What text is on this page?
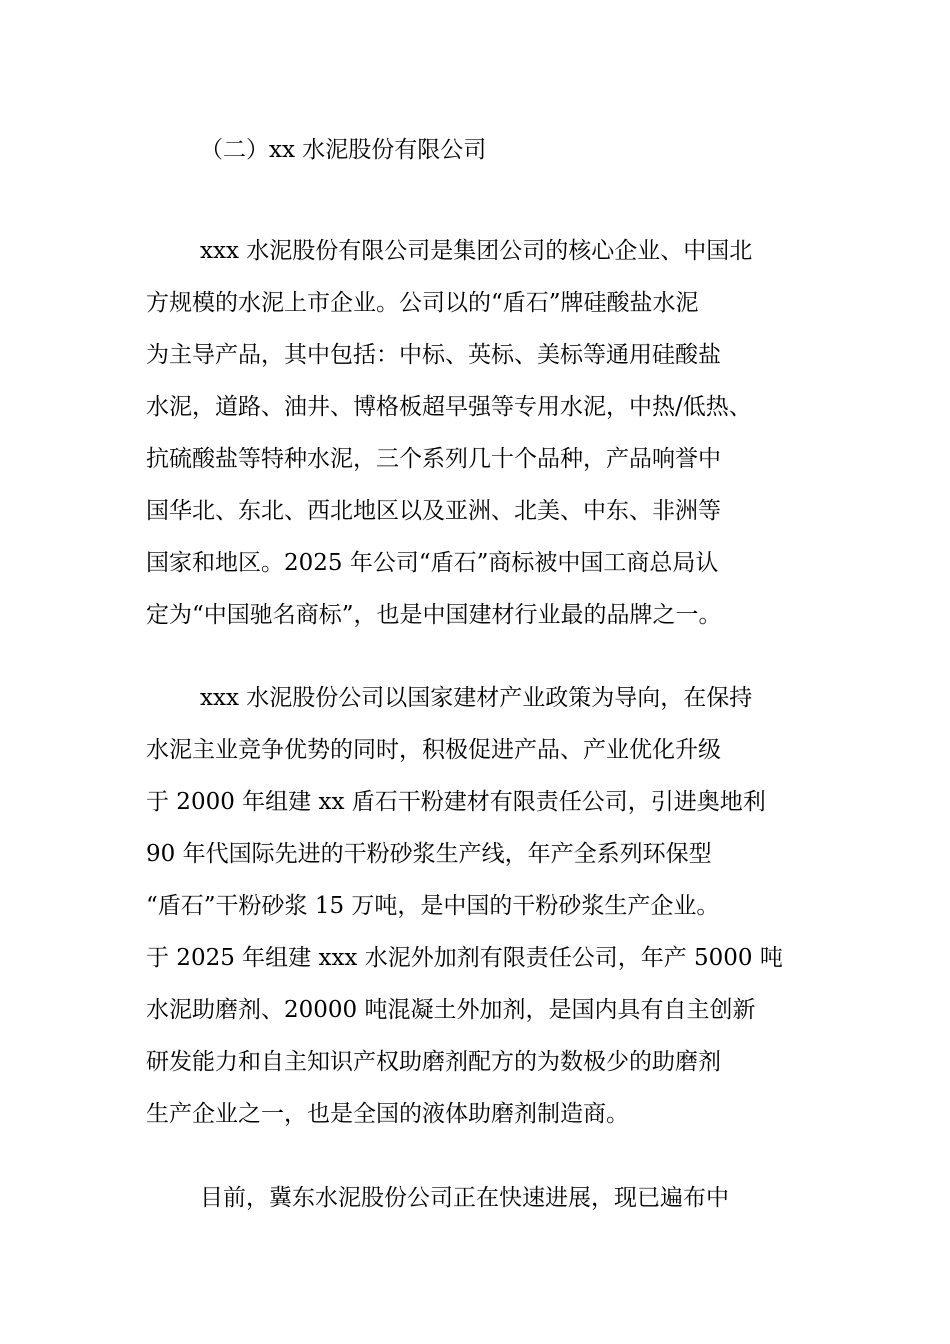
（二）xx 水泥股份有限公司
xxx 水泥股份有限公司是集团公司的核心企业、中国北
方规模的水泥上市企业。公司以的“盾石”牌硅酸盐水泥
为主导产品，其中包括：中标、英标、美标等通用硅酸盐
水泥，道路、油井、博格板超早强等专用水泥，中热/低热、
抗硫酸盐等特种水泥，三个系列几十个品种，产品响誉中
国华北、东北、西北地区以及亚洲、北美、中东、非洲等
国家和地区。2025 年公司“盾石”商标被中国工商总局认
定为“中国驰名商标”，也是中国建材行业最的品牌之一。
xxx 水泥股份公司以国家建材产业政策为导向，在保持
水泥主业竞争优势的同时，积极促进产品、产业优化升级
于 2000 年组建 xx 盾石干粉建材有限责任公司，引进奥地利
90 年代国际先进的干粉砂浆生产线，年产全系列环保型
“盾石”干粉砂浆 15 万吨，是中国的干粉砂浆生产企业。
于 2025 年组建 xxx 水泥外加剂有限责任公司，年产 5000 吨
水泥助磨剂、20000 吨混凝土外加剂，是国内具有自主创新
研发能力和自主知识产权助磨剂配方的为数极少的助磨剂
生产企业之一，也是全国的液体助磨剂制造商。
目前，冀东水泥股份公司正在快速进展，现已遍布中
